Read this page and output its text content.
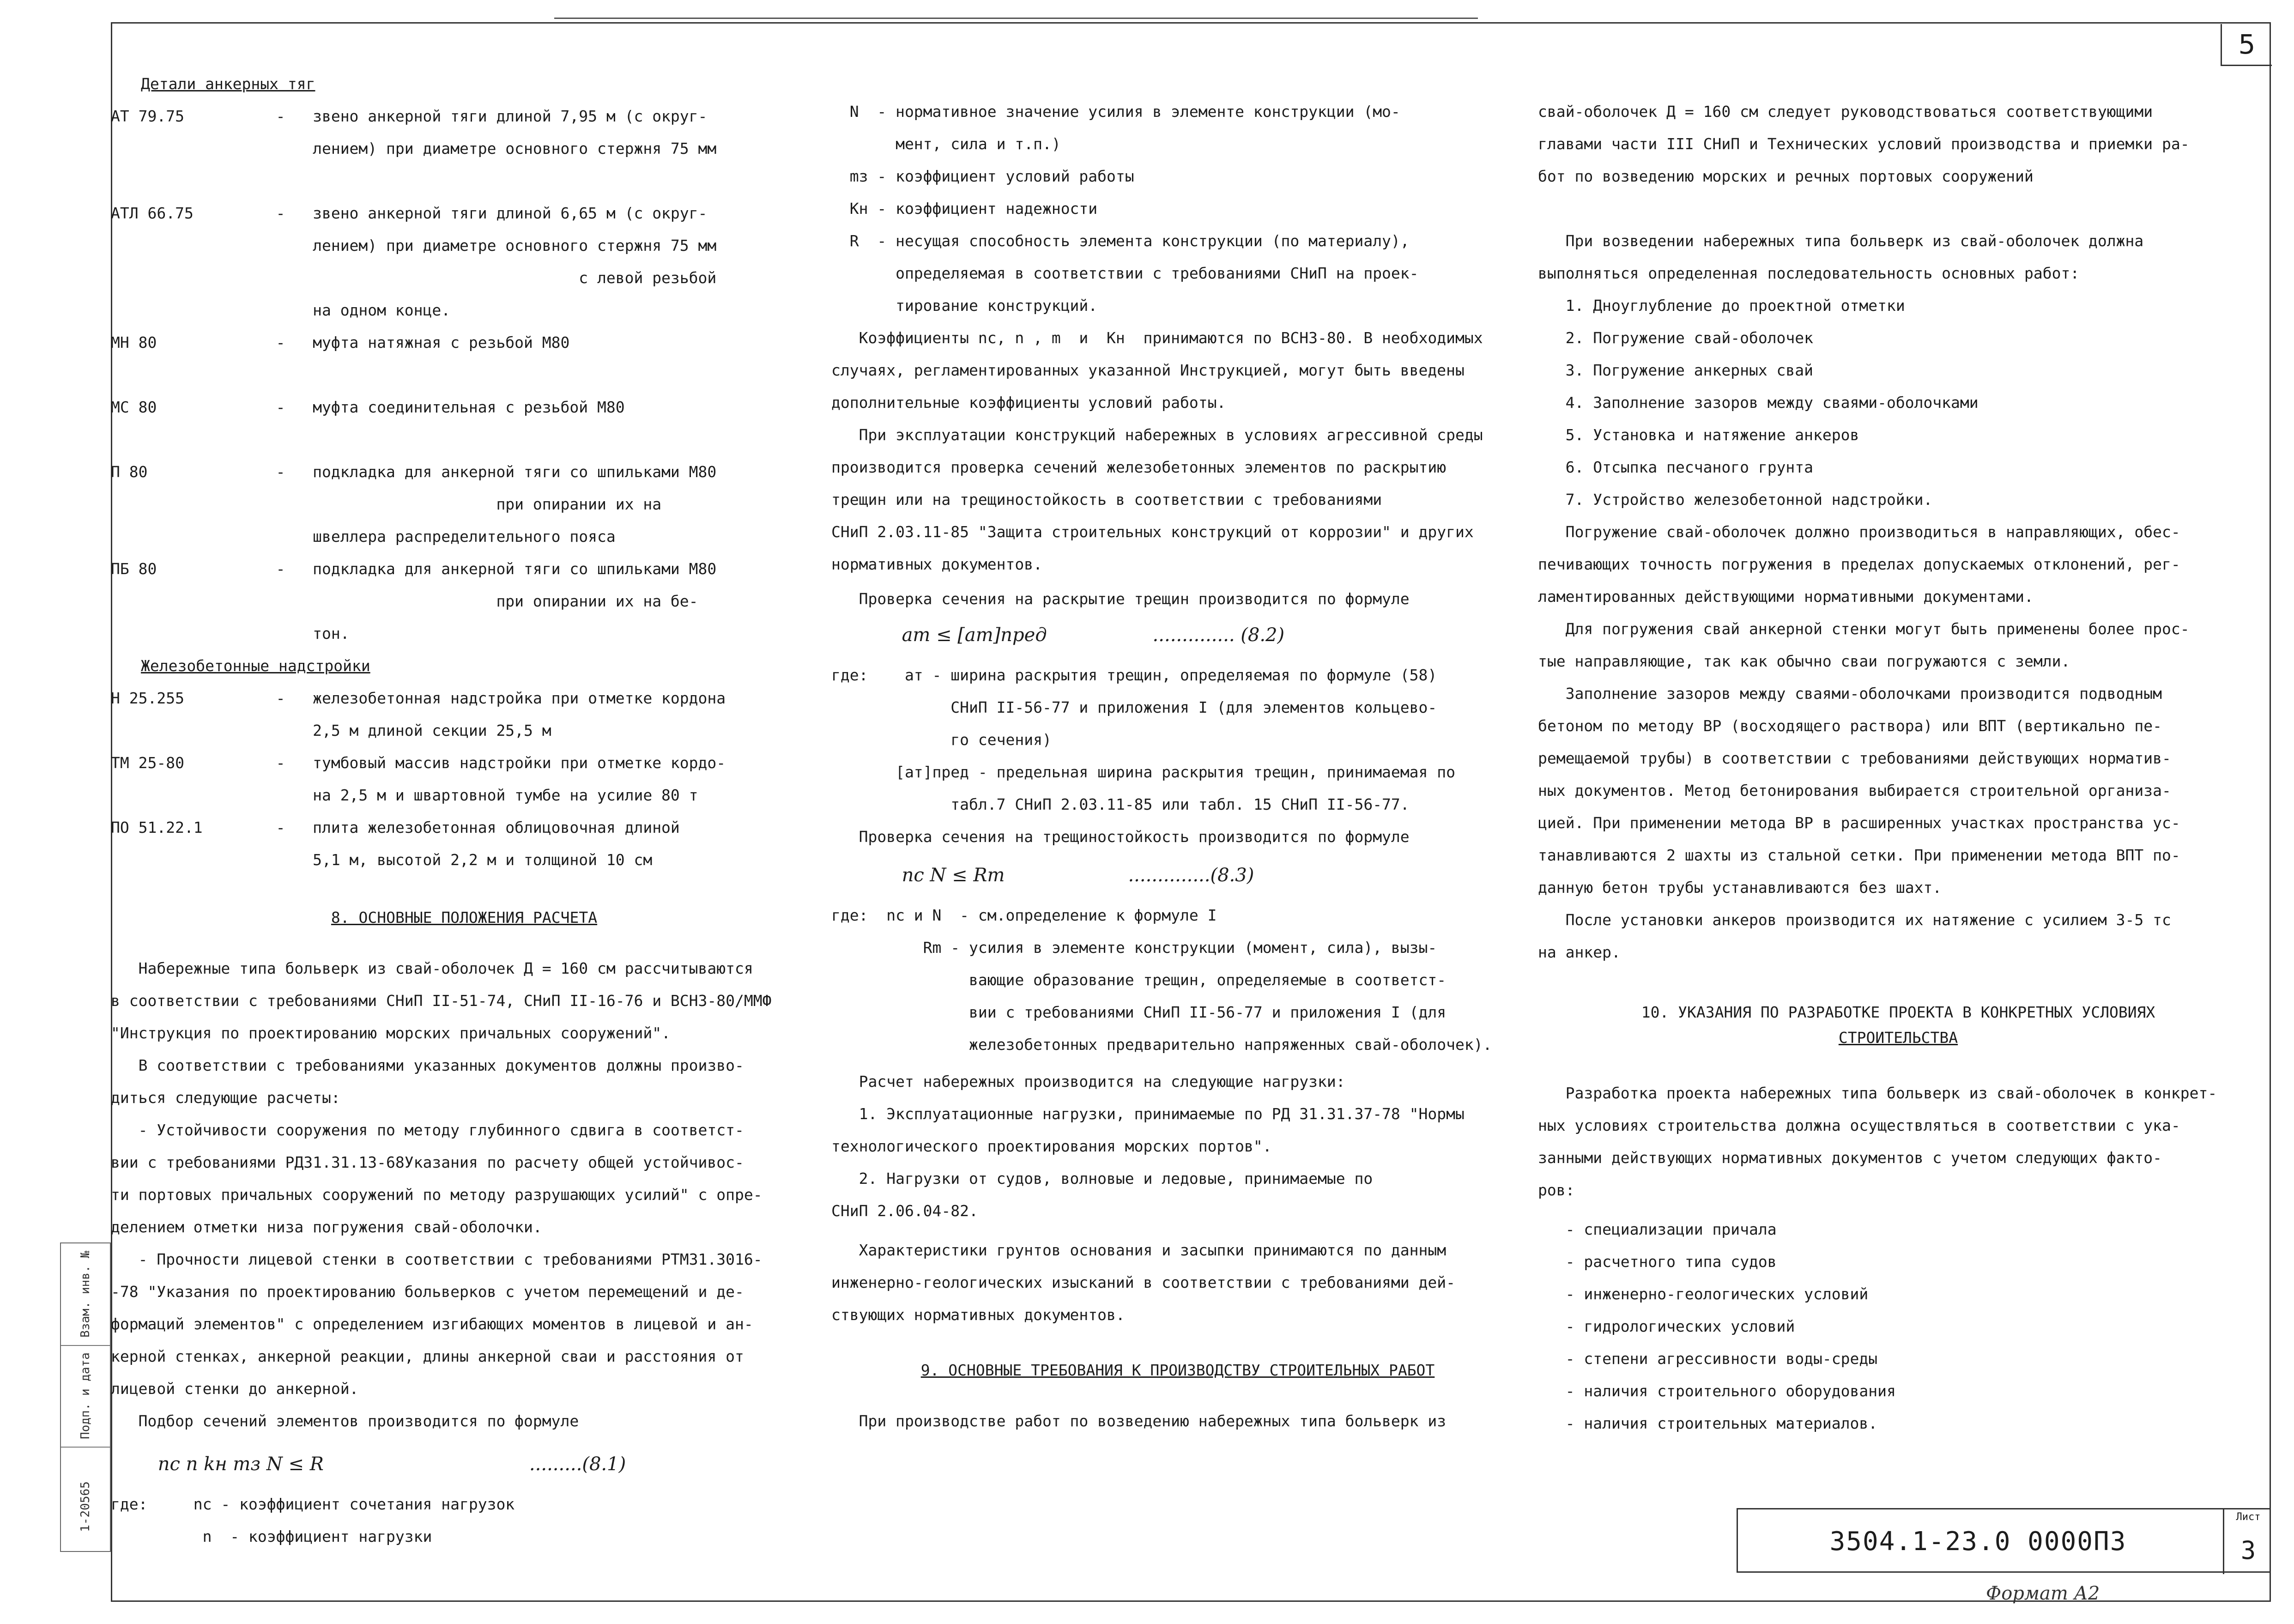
5
Детали анкерных тяг
АТ 79.75          -   звено анкерной тяги длиной 7,95 м (с округ-
лением) при диаметре основного стержня 75 мм
АТЛ 66.75         -   звено анкерной тяги длиной 6,65 м (с округ-
лением) при диаметре основного стержня 75 мм
с левой резьбой
на одном конце.
МН 80             -   муфта натяжная с резьбой М80
МС 80             -   муфта соединительная с резьбой М80
П 80              -   подкладка для анкерной тяги со шпильками М80
при опирании их на
швеллера распределительного пояса
ПБ 80             -   подкладка для анкерной тяги со шпильками М80
при опирании их на бе-
тон.
Железобетонные надстройки
Н 25.255          -   железобетонная надстройка при отметке кордона
2,5 м длиной секции 25,5 м
ТМ 25-80          -   тумбовый массив надстройки при отметке кордо-
на 2,5 м и швартовной тумбе на усилие 80 т
ПО 51.22.1        -   плита железобетонная облицовочная длиной
5,1 м, высотой 2,2 м и толщиной 10 см
8. ОСНОВНЫЕ ПОЛОЖЕНИЯ РАСЧЕТА
Набережные типа больверк из свай-оболочек Д = 160 см рассчитываются
в соответствии с требованиями СНиП II-51-74, СНиП II-16-76 и ВСН3-80/ММФ
"Инструкция по проектированию морских причальных сооружений".
В соответствии с требованиями указанных документов должны произво-
диться следующие расчеты:
- Устойчивости сооружения по методу глубинного сдвига в соответст-
вии с требованиями РД31.31.13-68Указания по расчету общей устойчивос-
ти портовых причальных сооружений по методу разрушающих усилий" с опре-
делением отметки низа погружения свай-оболочки.
- Прочности лицевой стенки в соответствии с требованиями РТМ31.3016-
-78 "Указания по проектированию больверков с учетом перемещений и де-
формаций элементов" с определением изгибающих моментов в лицевой и ан-
керной стенках, анкерной реакции, длины анкерной сваи и расстояния от
лицевой стенки до анкерной.
Подбор сечений элементов производится по формуле
nc n kн mз N ≤ R                                   .........(8.1)
где:     nс - коэффициент сочетания нагрузок
n  - коэффициент нагрузки
N  - нормативное значение усилия в элементе конструкции (мо-
мент, сила и т.п.)
mз - коэффициент условий работы
Кн - коэффициент надежности
R  - несущая способность элемента конструкции (по материалу),
определяемая в соответствии с требованиями СНиП на проек-
тирование конструкций.
Коэффициенты nс, n , m  и  Кн  принимаются по ВСН3-80. В необходимых
случаях, регламентированных указанной Инструкцией, могут быть введены
дополнительные коэффициенты условий работы.
При эксплуатации конструкций набережных в условиях агрессивной среды
производится проверка сечений железобетонных элементов по раскрытию
трещин или на трещиностойкость в соответствии с требованиями
СНиП 2.03.11-85 "Защита строительных конструкций от коррозии" и других
нормативных документов.
Проверка сечения на раскрытие трещин производится по формуле
aт ≤ [aт]пред                  .............. (8.2)
где:    aт - ширина раскрытия трещин, определяемая по формуле (58)
СНиП II-56-77 и приложения I (для элементов кольцево-
го сечения)
[aт]пред - предельная ширина раскрытия трещин, принимаемая по
табл.7 СНиП 2.03.11-85 или табл. 15 СНиП II-56-77.
Проверка сечения на трещиностойкость производится по формуле
nс N ≤ Rm                     ..............(8.3)
где:  nс и N  - см.определение к формуле I
Rm - усилия в элементе конструкции (момент, сила), вызы-
вающие образование трещин, определяемые в соответст-
вии с требованиями СНиП II-56-77 и приложения I (для
железобетонных предварительно напряженных свай-оболочек).
Расчет набережных производится на следующие нагрузки:
1. Эксплуатационные нагрузки, принимаемые по РД 31.31.37-78 "Нормы
технологического проектирования морских портов".
2. Нагрузки от судов, волновые и ледовые, принимаемые по
СНиП 2.06.04-82.
Характеристики грунтов основания и засыпки принимаются по данным
инженерно-геологических изысканий в соответствии с требованиями дей-
ствующих нормативных документов.
9. ОСНОВНЫЕ ТРЕБОВАНИЯ К ПРОИЗВОДСТВУ СТРОИТЕЛЬНЫХ РАБОТ
При производстве работ по возведению набережных типа больверк из
свай-оболочек Д = 160 см следует руководствоваться соответствующими
главами части III СНиП и Технических условий производства и приемки ра-
бот по возведению морских и речных портовых сооружений
При возведении набережных типа больверк из свай-оболочек должна
выполняться определенная последовательность основных работ:
1. Дноуглубление до проектной отметки
2. Погружение свай-оболочек
3. Погружение анкерных свай
4. Заполнение зазоров между сваями-оболочками
5. Установка и натяжение анкеров
6. Отсыпка песчаного грунта
7. Устройство железобетонной надстройки.
Погружение свай-оболочек должно производиться в направляющих, обес-
печивающих точность погружения в пределах допускаемых отклонений, рег-
ламентированных действующими нормативными документами.
Для погружения свай анкерной стенки могут быть применены более прос-
тые направляющие, так как обычно сваи погружаются с земли.
Заполнение зазоров между сваями-оболочками производится подводным
бетоном по методу ВР (восходящего раствора) или ВПТ (вертикально пе-
ремещаемой трубы) в соответствии с требованиями действующих норматив-
ных документов. Метод бетонирования выбирается строительной организа-
цией. При применении метода ВР в расширенных участках пространства ус-
танавливаются 2 шахты из стальной сетки. При применении метода ВПТ по-
данную бетон трубы устанавливаются без шахт.
После установки анкеров производится их натяжение с усилием 3-5 тс
на анкер.
10. УКАЗАНИЯ ПО РАЗРАБОТКЕ ПРОЕКТА В КОНКРЕТНЫХ УСЛОВИЯХ
СТРОИТЕЛЬСТВА
Разработка проекта набережных типа больверк из свай-оболочек в конкрет-
ных условиях строительства должна осуществляться в соответствии с ука-
занными действующих нормативных документов с учетом следующих факто-
ров:
- специализации причала
- расчетного типа судов
- инженерно-геологических условий
- гидрологических условий
- степени агрессивности воды-среды
- наличия строительного оборудования
- наличия строительных материалов.
1-20565
Подп. и дата
Взам. инв. №
3504.1-23.0 0000ПЗ
Лист
3
Формат А2
